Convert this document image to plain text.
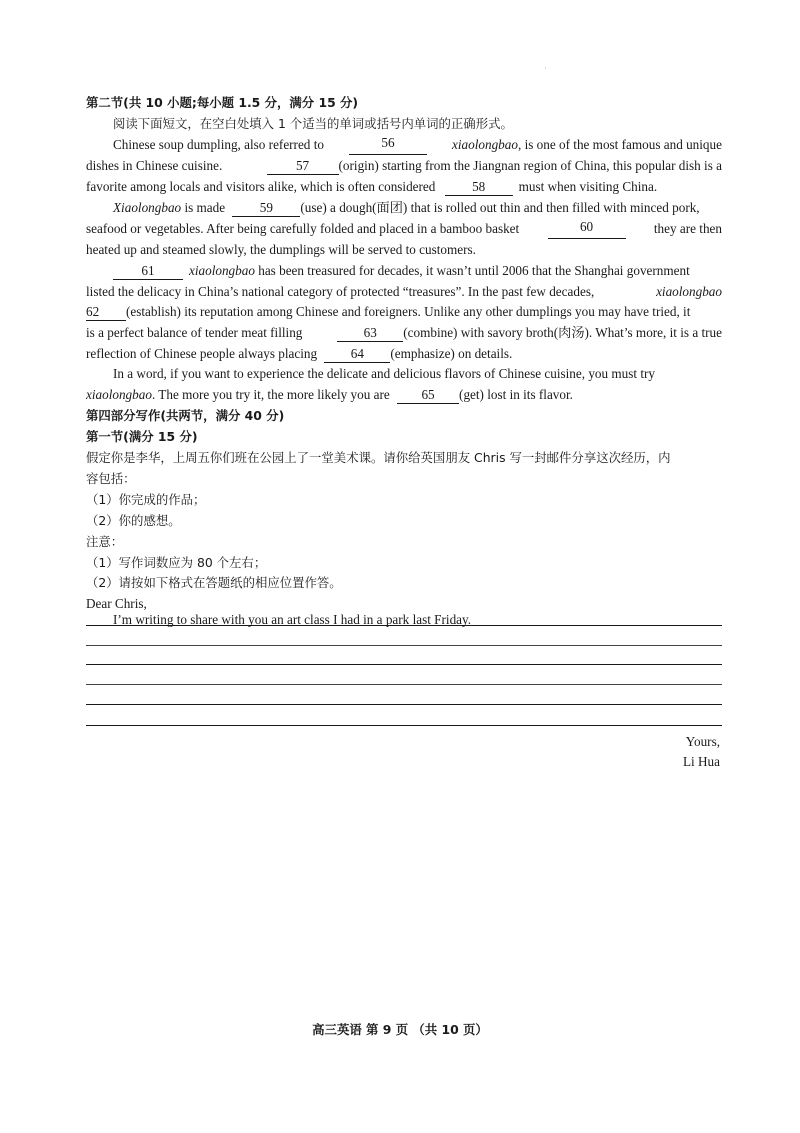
·
第二节(共 10 小题;每小题 1.5 分，满分 15 分)
阅读下面短文，在空白处填入 1 个适当的单词或括号内单词的正确形式。
Chinese soup dumpling, also referred to	56	xiaolongbao, is one of the most famous and unique
dishes in Chinese cuisine.	57 (origin) starting from the Jiangnan region of China, this popular dish is a
favorite among locals and visitors alike, which is often considered	58	must when visiting China.
Xiaolongbao is made	59 (use) a dough(面团) that is rolled out thin and then filled with minced pork,
seafood or vegetables. After being carefully folded and placed in a bamboo basket	60	they are then
heated up and steamed slowly, the dumplings will be served to customers.
61	xiaolongbao has been treasured for decades, it wasn’t until 2006 that the Shanghai government
listed the delicacy in China’s national category of protected “treasures”. In the past few decades,	xiaolongbao
62 (establish) its reputation among Chinese and foreigners. Unlike any other dumplings you may have tried, it
is a perfect balance of tender meat filling	63 (combine) with savory broth(肉汤). What’s more, it is a true
reflection of Chinese people always placing	64 (emphasize) on details.
In a word, if you want to experience the delicate and delicious flavors of Chinese cuisine, you must try
xiaolongbao. The more you try it, the more likely you are 65 (get) lost in its flavor.
第四部分写作(共两节，满分 40 分)
第一节(满分 15 分)
假定你是李华，上周五你们班在公园上了一堂美术课。请你给英国朋友 Chris 写一封邮件分享这次经历，内
容包括：
（1）你完成的作品；
（2）你的感想。
注意：
（1）写作词数应为 80 个左右；
（2）请按如下格式在答题纸的相应位置作答。
Dear Chris,
I’m writing to share with you an art class I had in a park last Friday.
Yours,
Li Hua
高三英语 第 9 页 （共 10 页）
